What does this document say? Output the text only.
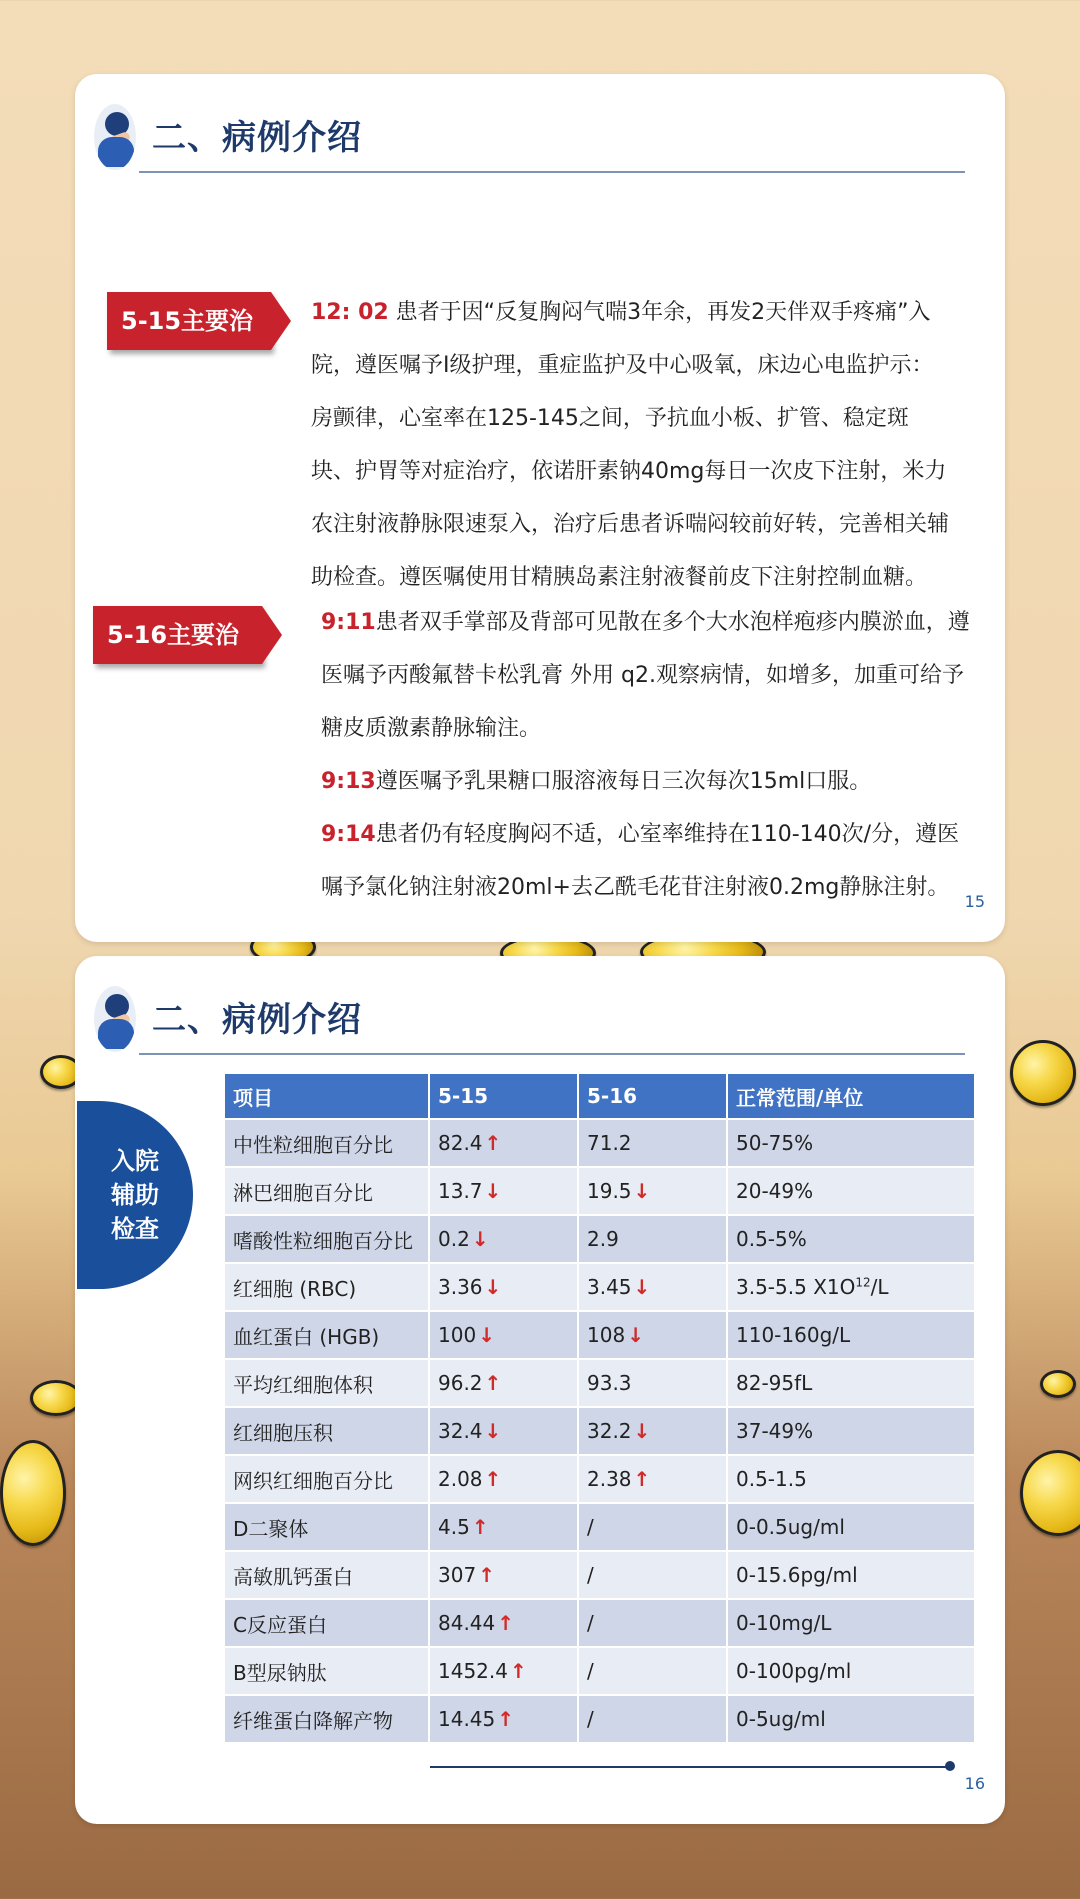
二、病例介绍
5-15主要治疗经过
12: 02 患者于因“反复胸闷气喘3年余，再发2天伴双手疼痛”入院，遵医嘱予I级护理，重症监护及中心吸氧，床边心电监护示：房颤律，心室率在125-145之间，予抗血小板、扩管、稳定斑块、护胃等对症治疗，依诺肝素钠40mg每日一次皮下注射，米力农注射液静脉限速泵入，治疗后患者诉喘闷较前好转，完善相关辅助检查。遵医嘱使用甘精胰岛素注射液餐前皮下注射控制血糖。
5-16主要治疗经过
9:11患者双手掌部及背部可见散在多个大水泡样疱疹内膜淤血，遵医嘱予丙酸氟替卡松乳膏 外用 q2.观察病情，如增多，加重可给予糖皮质激素静脉输注。
9:13遵医嘱予乳果糖口服溶液每日三次每次15ml口服。
9:14患者仍有轻度胸闷不适，心室率维持在110-140次/分，遵医嘱予氯化钠注射液20ml+去乙酰毛花苷注射液0.2mg静脉注射。
15
二、病例介绍
入院辅助检查
项目	5-15	5-16	正常范围/单位
中性粒细胞百分比	82.4 ↑	71.2	50-75%
淋巴细胞百分比	13.7 ↓	19.5 ↓	20-49%
嗜酸性粒细胞百分比	0.2 ↓	2.9	0.5-5%
红细胞 (RBC)	3.36 ↓	3.45 ↓	3.5-5.5 $X1O^{12}/L$
血红蛋白 (HGB)	100 ↓	108 ↓	110-160g/L
平均红细胞体积	96.2 ↑	93.3	82-95fL
红细胞压积	32.4 ↓	32.2 ↓	37-49%
网织红细胞百分比	2.08 ↑	2.38 ↑	0.5-1.5
D二聚体	4.5 ↑	/	0-0.5ug/ml
高敏肌钙蛋白	307 ↑	/	0-15.6pg/ml
C反应蛋白	84.44 ↑	/	0-10mg/L
B型尿钠肽	1452.4 ↑	/	0-100pg/ml
纤维蛋白降解产物	14.45 ↑	/	0-5ug/ml
16
